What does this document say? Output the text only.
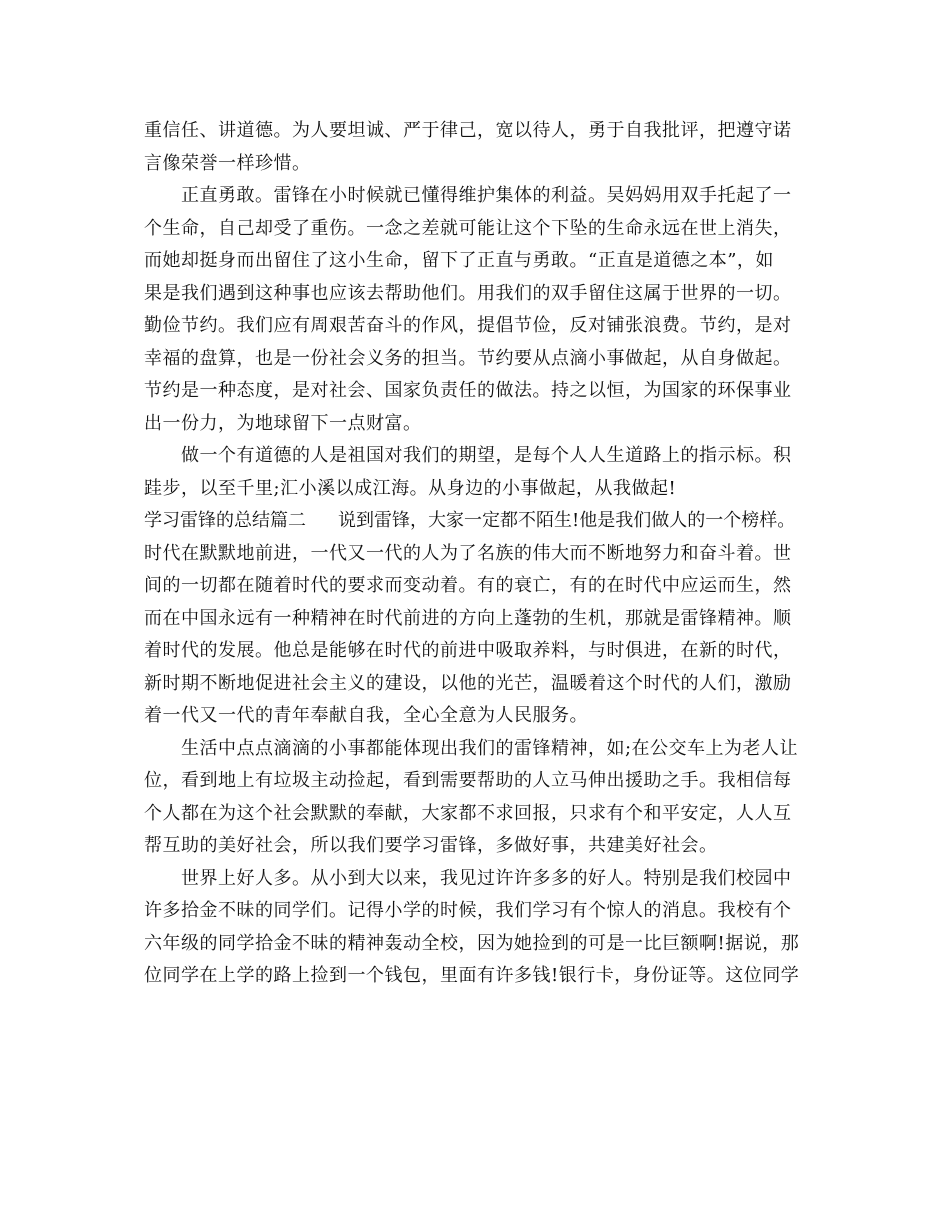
重信任、讲道德。为人要坦诚、严于律己，宽以待人，勇于自我批评，把遵守诺
言像荣誉一样珍惜。
正直勇敢。雷锋在小时候就已懂得维护集体的利益。吴妈妈用双手托起了一
个生命，自己却受了重伤。一念之差就可能让这个下坠的生命永远在世上消失，
而她却挺身而出留住了这小生命，留下了正直与勇敢。“正直是道德之本”，如
果是我们遇到这种事也应该去帮助他们。用我们的双手留住这属于世界的一切。
勤俭节约。我们应有周艰苦奋斗的作风，提倡节俭，反对铺张浪费。节约，是对
幸福的盘算，也是一份社会义务的担当。节约要从点滴小事做起，从自身做起。
节约是一种态度，是对社会、国家负责任的做法。持之以恒，为国家的环保事业
出一份力，为地球留下一点财富。
做一个有道德的人是祖国对我们的期望，是每个人人生道路上的指示标。积
跬步，以至千里;汇小溪以成江海。从身边的小事做起，从我做起!
学习雷锋的总结篇二 说到雷锋，大家一定都不陌生!他是我们做人的一个榜样。
时代在默默地前进，一代又一代的人为了名族的伟大而不断地努力和奋斗着。世
间的一切都在随着时代的要求而变动着。有的衰亡，有的在时代中应运而生，然
而在中国永远有一种精神在时代前进的方向上蓬勃的生机，那就是雷锋精神。顺
着时代的发展。他总是能够在时代的前进中吸取养料，与时俱进，在新的时代，
新时期不断地促进社会主义的建设，以他的光芒，温暖着这个时代的人们，激励
着一代又一代的青年奉献自我，全心全意为人民服务。
生活中点点滴滴的小事都能体现出我们的雷锋精神，如;在公交车上为老人让
位，看到地上有垃圾主动捡起，看到需要帮助的人立马伸出援助之手。我相信每
个人都在为这个社会默默的奉献，大家都不求回报，只求有个和平安定，人人互
帮互助的美好社会，所以我们要学习雷锋，多做好事，共建美好社会。
世界上好人多。从小到大以来，我见过许许多多的好人。特别是我们校园中
许多拾金不昧的同学们。记得小学的时候，我们学习有个惊人的消息。我校有个
六年级的同学拾金不昧的精神轰动全校，因为她捡到的可是一比巨额啊!据说，那
位同学在上学的路上捡到一个钱包，里面有许多钱!银行卡，身份证等。这位同学
